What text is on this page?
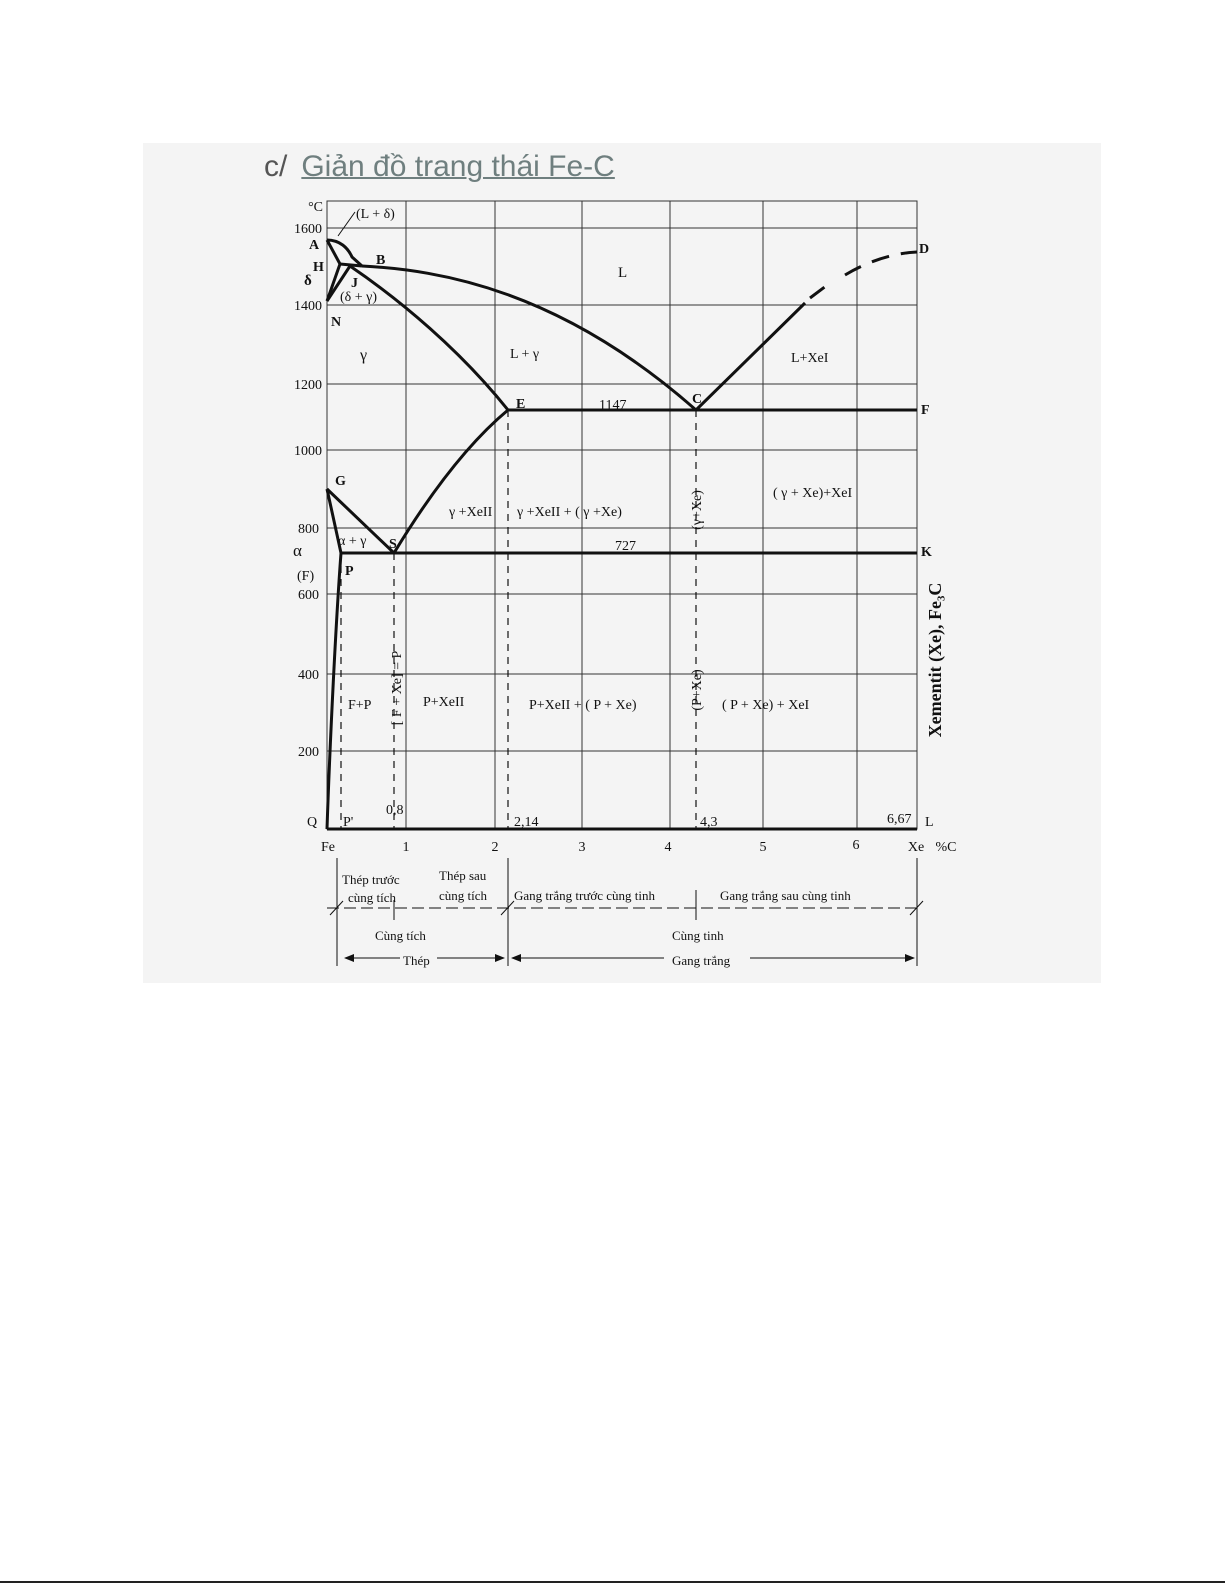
c/ Giản đồ trang thái Fe-C
°C
1600
1400
1200
1000
800
600
400
200
Fe	1	2	3	4	5	6	Xe %C
Xementit (Xe), Fe₃C
A
H
δ
N
B
J
D
E	C
F
G
S
K
P
α
(F)
Q P'	L
1147
727
0,8
2,14	4,3	6,67
(L + δ)
(δ + γ)
L
γ	L + γ	L+XeI
γ +XeII γ +XeII + ( γ +Xe)
( γ + Xe)+XeI
(γ+Xe)
α + γ
F+P [ F + Xe] = P P+XeII	P+XeII + ( P + Xe)	(P+Xe) ( P + Xe) + XeI
Thép trước
cùng tích
Thép sau
cùng tích Gang trắng trước cùng tinh	Gang trắng sau cùng tinh
Cùng tích	Cùng tinh
Thép	Gang trắng
